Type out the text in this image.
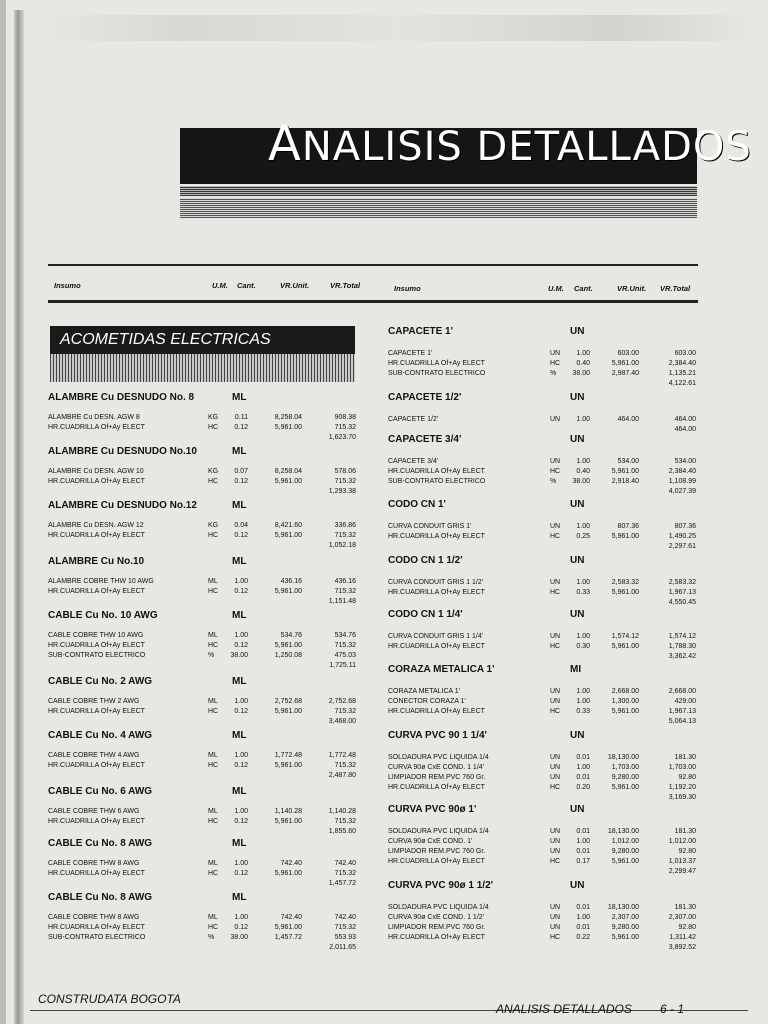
ANALISIS DETALLADOS
Insumo	U.M. Cant.	VR.Unit.	VR.Total	Insumo	U.M. Cant.	VR.Unit. VR.Total
ACOMETIDAS ELECTRICAS
ALAMBRE Cu DESNUDO No. 8	ML
ALAMBRE Cu DESN. AGW 8	KG 0.11	8,258.04	908.38
HR.CUADRILLA Of+Ay ELECT	HC 0.12	5,961.00	715.32
1,623.70
ALAMBRE Cu DESNUDO No.10	ML
ALAMBRE Cu DESN. AGW 10	KG 0.07	8,258.04	578.06
HR.CUADRILLA Of+Ay ELECT	HC 0.12	5,961.00	715.32
1,293.38
ALAMBRE Cu DESNUDO No.12	ML
ALAMBRE Cu DESN. AGW 12	KG 0.04	8,421.60	336.86
HR.CUADRILLA Of+Ay ELECT	HC 0.12	5,961.00	715.32
1,052.18
ALAMBRE Cu No.10	ML
ALAMBRE COBRE THW 10 AWG	ML 1.00	436.16	436.16
HR.CUADRILLA Of+Ay ELECT	HC 0.12	5,961.00	715.32
1,151.48
CABLE Cu No. 10 AWG	ML
CABLE COBRE THW 10 AWG	ML 1.00	534.76	534.76
HR.CUADRILLA Of+Ay ELECT	HC 0.12	5,961.00	715.32
SUB-CONTRATO ELECTRICO	% 38.00	1,250.08	475.03
1,725.11
CABLE Cu No. 2 AWG	ML
CABLE COBRE THW 2 AWG	ML 1.00	2,752.68	2,752.68
HR.CUADRILLA Of+Ay ELECT	HC 0.12	5,961.00	715.32
3,468.00
CABLE Cu No. 4 AWG	ML
CABLE COBRE THW 4 AWG	ML 1.00	1,772.48	1,772.48
HR.CUADRILLA Of+Ay ELECT	HC 0.12	5,961.00	715.32
2,487.80
CABLE Cu No. 6 AWG	ML
CABLE COBRE THW 6 AWG	ML 1.00	1,140.28	1,140.28
HR.CUADRILLA Of+Ay ELECT	HC 0.12	5,961.00	715.32
1,855.60
CABLE Cu No. 8 AWG	ML
CABLE COBRE THW 8 AWG	ML 1.00	742.40	742.40
HR.CUADRILLA Of+Ay ELECT	HC 0.12	5,961.00	715.32
1,457.72
CABLE Cu No. 8 AWG	ML
CABLE COBRE THW 8 AWG	ML 1.00	742.40	742.40
HR.CUADRILLA Of+Ay ELECT	HC 0.12	5,961.00	715.32
SUB-CONTRATO ELECTRICO	% 38.00	1,457.72	553.93
2,011.65
CAPACETE 1'	UN
CAPACETE 1'	UN 1.00	603.00	603.00
HR.CUADRILLA Of+Ay ELECT	HC 0.40	5,961.00	2,384.40
SUB-CONTRATO ELECTRICO	% 38.00	2,987.40	1,135.21
4,122.61
CAPACETE 1/2'	UN
CAPACETE 1/2'	UN 1.00	464.00	464.00
464.00
CAPACETE 3/4'	UN
CAPACETE 3/4'	UN 1.00	534.00	534.00
HR.CUADRILLA Of+Ay ELECT	HC 0.40	5,961.00	2,384.40
SUB-CONTRATO ELECTRICO	% 38.00	2,918.40	1,108.99
4,027.39
CODO CN 1'	UN
CURVA CONDUIT GRIS 1'	UN 1.00	807.36	807.36
HR.CUADRILLA Of+Ay ELECT	HC 0.25	5,961.00	1,490.25
2,297.61
CODO CN 1 1/2'	UN
CURVA CONDUIT GRIS 1 1/2'	UN 1.00	2,583.32	2,583.32
HR.CUADRILLA Of+Ay ELECT	HC 0.33	5,961.00	1,967.13
4,550.45
CODO CN 1 1/4'	UN
CURVA CONDUIT GRIS 1 1/4'	UN 1.00	1,574.12	1,574.12
HR.CUADRILLA Of+Ay ELECT	HC 0.30	5,961.00	1,788.30
3,362.42
CORAZA METALICA 1'	MI
CORAZA METALICA 1'	UN 1.00	2,668.00	2,668.00
CONECTOR CORAZA 1'	UN 1.00	1,300.00	429.00
HR.CUADRILLA Of+Ay ELECT	HC 0.33	5,961.00	1,967.13
5,064.13
CURVA PVC 90 1 1/4'	UN
SOLDADURA PVC LIQUIDA 1/4	UN 0.01	18,130.00	181.30
CURVA 90ø CxE COND. 1 1/4'	UN 1.00	1,703.00	1,703.00
LIMPIADOR REM.PVC 760 Gr.	UN 0.01	9,280.00	92.80
HR.CUADRILLA Of+Ay ELECT	HC 0.20	5,961.00	1,192.20
3,169.30
CURVA PVC 90ø 1'	UN
SOLDADURA PVC LIQUIDA 1/4	UN 0.01	18,130.00	181.30
CURVA 90ø CxE COND. 1'	UN 1.00	1,012.00	1,012.00
LIMPIADOR REM.PVC 760 Gr.	UN 0.01	9,280.00	92.80
HR.CUADRILLA Of+Ay ELECT	HC 0.17	5,961.00	1,013.37
2,299.47
CURVA PVC 90ø 1 1/2'	UN
SOLDADURA PVC LIQUIDA 1/4	UN 0.01	18,130.00	181.30
CURVA 90ø CxE COND. 1 1/2'	UN 1.00	2,307.00	2,307.00
LIMPIADOR REM.PVC 760 Gr.	UN 0.01	9,280.00	92.80
HR.CUADRILLA Of+Ay ELECT	HC 0.22	5,961.00	1,311.42
3,892.52
CONSTRUDATA BOGOTA
ANALISIS DETALLADOS 6 - 1
